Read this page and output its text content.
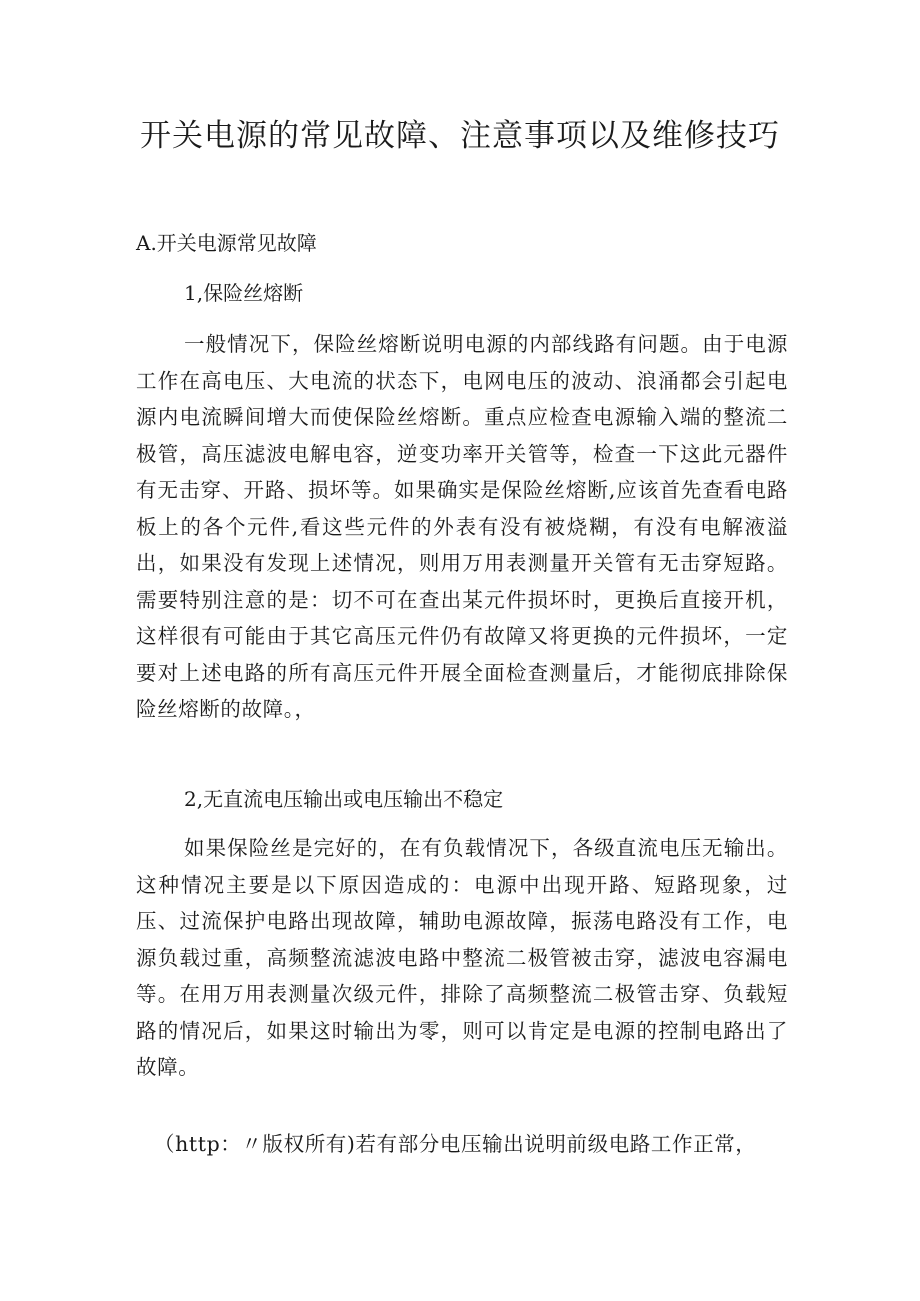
开关电源的常见故障、注意事项以及维修技巧

A.开关电源常见故障

1,保险丝熔断

一般情况下，保险丝熔断说明电源的内部线路有问题。由于电源工作在高电压、大电流的状态下，电网电压的波动、浪涌都会引起电源内电流瞬间增大而使保险丝熔断。重点应检查电源输入端的整流二极管，高压滤波电解电容，逆变功率开关管等，检查一下这此元器件有无击穿、开路、损坏等。如果确实是保险丝熔断,应该首先查看电路板上的各个元件,看这些元件的外表有没有被烧糊，有没有电解液溢出，如果没有发现上述情况，则用万用表测量开关管有无击穿短路。需要特别注意的是：切不可在查出某元件损坏时，更换后直接开机，这样很有可能由于其它高压元件仍有故障又将更换的元件损坏，一定要对上述电路的所有高压元件开展全面检查测量后，才能彻底排除保险丝熔断的故障。，

2,无直流电压输出或电压输出不稳定

如果保险丝是完好的，在有负载情况下，各级直流电压无输出。这种情况主要是以下原因造成的：电源中出现开路、短路现象，过压、过流保护电路出现故障，辅助电源故障，振荡电路没有工作，电源负载过重，高频整流滤波电路中整流二极管被击穿，滤波电容漏电等。在用万用表测量次级元件，排除了高频整流二极管击穿、负载短路的情况后，如果这时输出为零，则可以肯定是电源的控制电路出了故障。

（http：〃版权所有)若有部分电压输出说明前级电路工作正常，
